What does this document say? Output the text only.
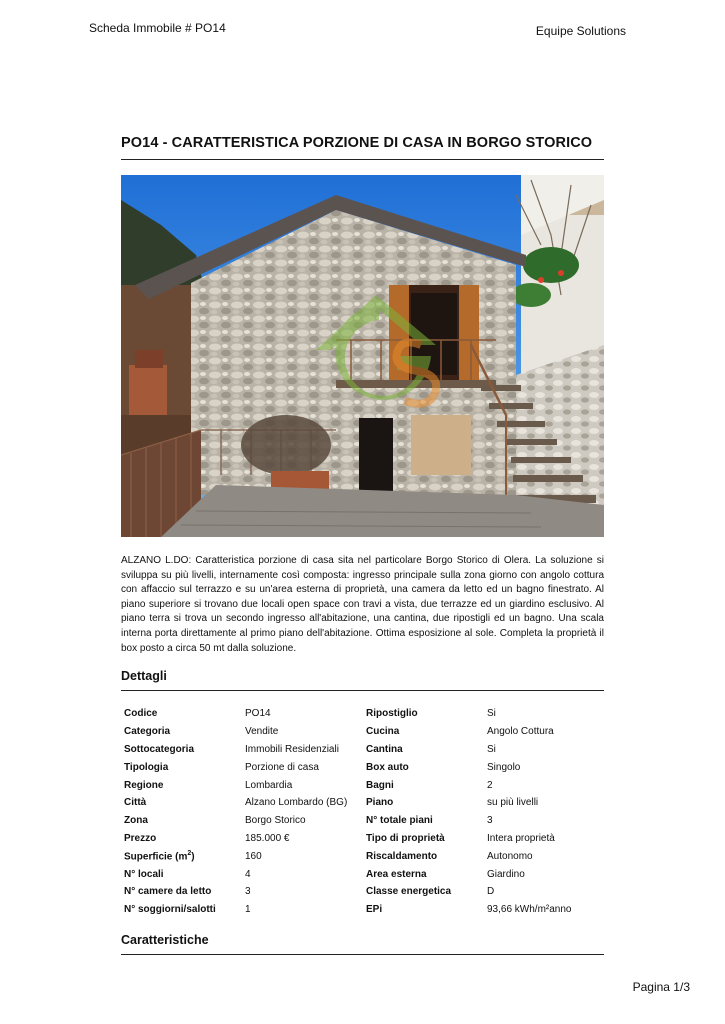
Scheda Immobile # PO14	Equipe Solutions
PO14 - CARATTERISTICA PORZIONE DI CASA IN BORGO STORICO
ALZANO L.DO: Caratteristica porzione di casa sita nel particolare Borgo Storico di Olera. La soluzione si sviluppa su più livelli, internamente così composta: ingresso principale sulla zona giorno con angolo cottura con affaccio sul terrazzo e su un'area esterna di proprietà, una camera da letto ed un bagno finestrato. Al piano superiore si trovano due locali open space con travi a vista, due terrazze ed un giardino esclusivo. Al piano terra si trova un secondo ingresso all'abitazione, una cantina, due ripostigli ed un bagno. Una scala interna porta direttamente al primo piano dell'abitazione. Ottima esposizione al sole. Completa la proprietà il box posto a circa 50 mt dalla soluzione.
Dettagli
Codice	PO14	Ripostiglio	Si
Categoria	Vendite	Cucina	Angolo Cottura
Sottocategoria	Immobili Residenziali	Cantina	Si
Tipologia	Porzione di casa	Box auto	Singolo
Regione	Lombardia	Bagni	2
Città	Alzano Lombardo (BG)	Piano	su più livelli
Zona	Borgo Storico	N° totale piani	3
Prezzo	185.000 €	Tipo di proprietà	Intera proprietà
Superficie $(m^2)$	160	Riscaldamento	Autonomo
N° locali	4	Area esterna	Giardino
N° camere da letto	3	Classe energetica	D
N° soggiorni/salotti	1	EPi	93,66 kWh/m²anno
Caratteristiche
Pagina 1/3
